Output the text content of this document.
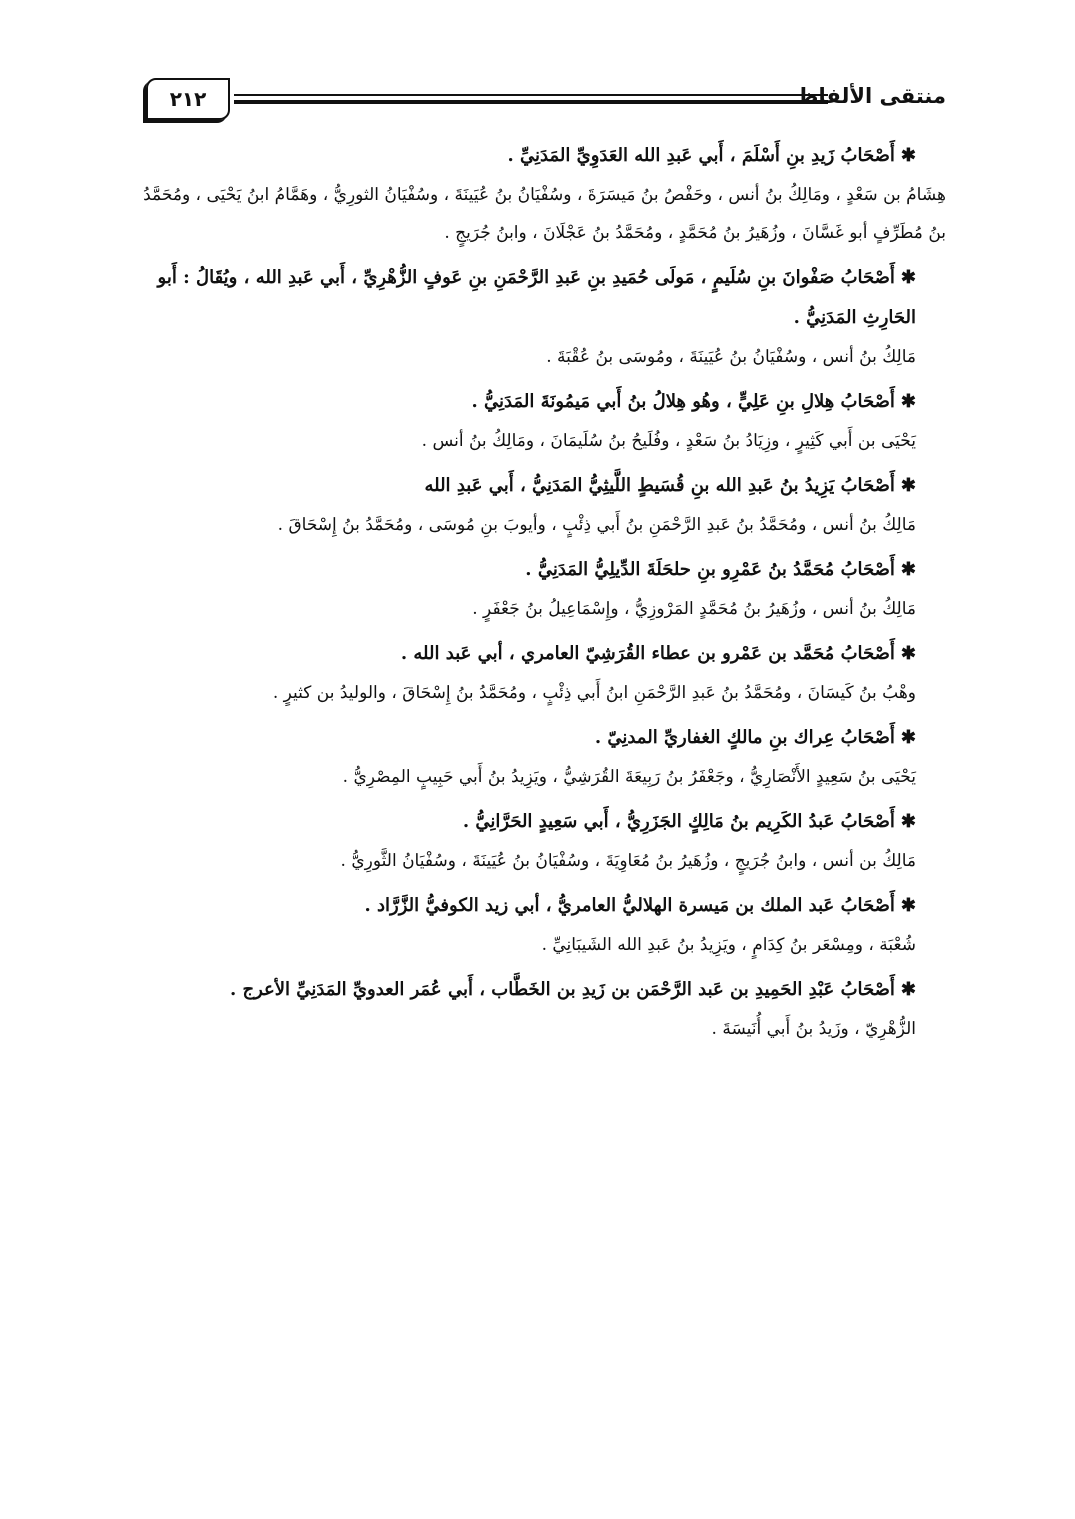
منتقى الألفاظ
٢١٢
✱أَصْحَابُ زَيدِ بنِ أَسْلَمَ ، أَبي عَبدِ الله العَدَوِيِّ المَدَنِيِّ .
هِشَامُ بن سَعْدٍ ، ومَالِكُ بنُ أنس ، وحَفْصُ بنُ مَيسَرَةَ ، وسُفْيَانُ بنُ عُيَينَةَ ، وسُفْيَانُ الثورِيُّ ، وهَمَّامُ ابنُ يَحْيَى ، ومُحَمَّدُ بنُ مُطَرِّفٍ أبو غَسَّانَ ، وزُهَيرُ بنُ مُحَمَّدٍ ، ومُحَمَّدُ بنُ عَجْلَانَ ، وابنُ جُرَيجٍ .
✱أَصْحَابُ صَفْوانَ بنِ سُلَيمٍ ، مَولَى حُمَيدِ بنِ عَبدِ الرَّحْمَنِ بنِ عَوفٍ الزُّهْرِيِّ ، أَبي عَبدِ الله ، ويُقَالُ : أَبو الحَارِثِ المَدَنِيُّ .
مَالِكُ بنُ أنس ، وسُفْيَانُ بنُ عُيَينَةَ ، ومُوسَى بنُ عُقْبَةَ .
✱أَصْحَابُ هِلالِ بنِ عَلِيٍّ ، وهُو هِلالُ بنُ أَبي مَيمُونَةَ المَدَنِيُّ .
يَحْيَى بن أَبي كَثِيرٍ ، وزِيَادُ بنُ سَعْدٍ ، وفُلَيحُ بنُ سُلَيمَانَ ، ومَالِكُ بنُ أنس .
✱أَصْحَابُ يَزِيدُ بنُ عَبدِ الله بنِ قُسَيطٍ اللَّيثِيُّ المَدَنِيُّ ، أَبي عَبدِ الله
مَالِكُ بنُ أنس ، ومُحَمَّدُ بنُ عَبدِ الرَّحْمَنِ بنُ أَبي ذِئْبٍ ، وأيوبَ بنِ مُوسَى ، ومُحَمَّدُ بنُ إِسْحَاقَ .
✱أَصْحَابُ مُحَمَّدُ بنُ عَمْرِو بنِ حلحَلَةَ الدِّيلِيُّ المَدَنِيُّ .
مَالِكُ بنُ أنس ، وزُهَيرُ بنُ مُحَمَّدٍ المَرْوزِيُّ ، وإِسْمَاعِيلُ بنُ جَعْفَرٍ .
✱أَصْحَابُ مُحَمَّد بن عَمْرو بن عطاء القُرَشِيّ العامري ، أبي عَبد الله .
وهْبُ بنُ كَيسَانَ ، ومُحَمَّدُ بنُ عَبدِ الرَّحْمَنِ ابنُ أَبي ذِئْبٍ ، ومُحَمَّدُ بنُ إِسْحَاقَ ، والوليدُ بن كثيرٍ .
✱أَصْحَابُ عِراك بنِ مالكٍ الغفاريِّ المدنِيّ .
يَحْيَى بنُ سَعِيدٍ الأَنْصَارِيُّ ، وجَعْفَرُ بنُ رَبِيعَةَ القُرَشِيُّ ، ويَزِيدُ بنُ أَبي حَبِيبٍ المِصْرِيُّ .
✱أَصْحَابُ عَبدُ الكَرِيم بنُ مَالِكٍ الجَزَرِيُّ ، أَبي سَعِيدٍ الحَرَّانِيُّ .
مَالِكُ بن أنس ، وابنُ جُرَيجٍ ، وزُهَيرُ بنُ مُعَاوِيَةَ ، وسُفْيَانُ بنُ عُيَينَةَ ، وسُفْيَانُ الثَّورِيُّ .
✱أَصْحَابُ عَبد الملك بن مَيسرة الهلاليُّ العامريُّ ، أبي زيد الكوفيُّ الزَّرَّاد .
شُعْبَة ، ومِسْعَر بنُ كِدَامٍ ، ويَزِيدُ بنُ عَبدِ الله الشَيبَانِيِّ .
✱أَصْحَابُ عَبْدِ الحَمِيدِ بن عَبد الرَّحْمَن بن زَيدِ بن الخَطَّاب ، أَبي عُمَر العدويِّ المَدَنِيِّ الأعرج .
الزُّهْرِيّ ، وزَيدُ بنُ أَبي أُنَيسَةَ .
